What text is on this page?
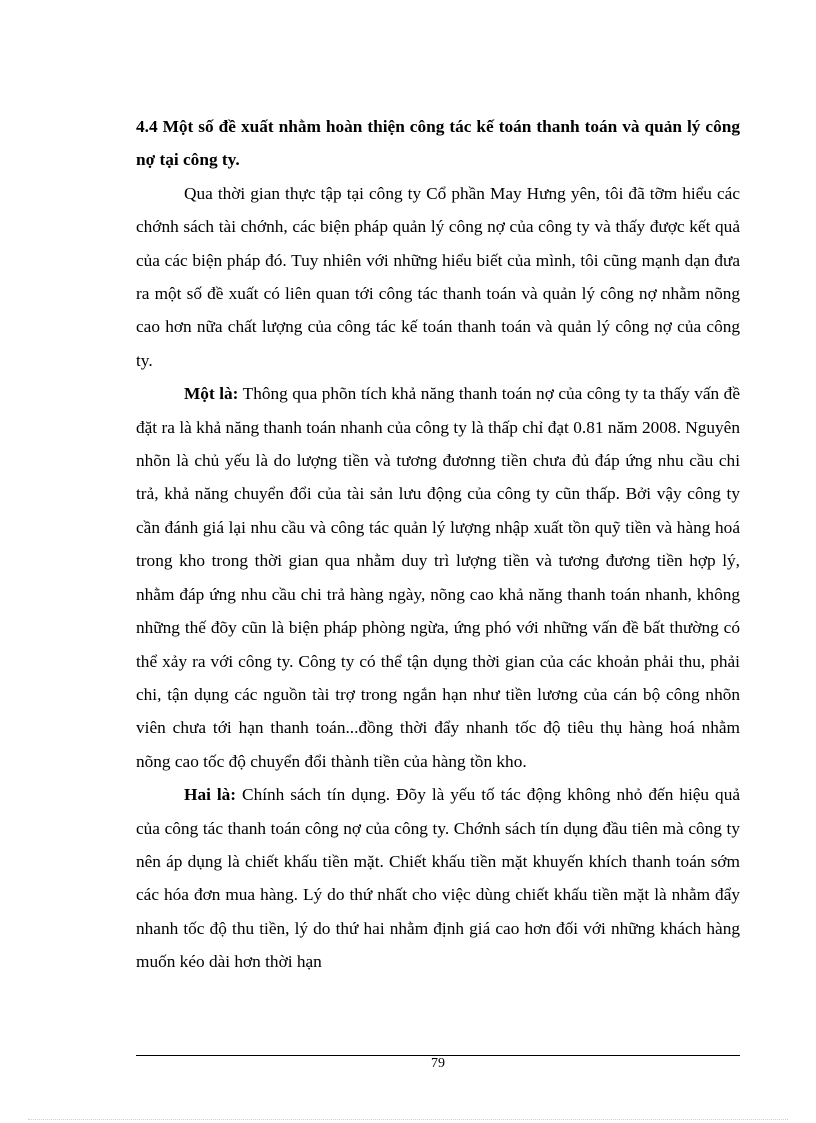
4.4 Một số đề xuất nhằm hoàn thiện công tác kế toán thanh toán và quản lý công nợ tại công ty.

Qua thời gian thực tập tại công ty Cổ phần May Hưng yên, tôi đã tỡm hiểu các chớnh sách tài chớnh, các biện pháp quản lý công nợ của công ty và thấy được kết quả của các biện pháp đó. Tuy nhiên với những hiểu biết của mình, tôi cũng mạnh dạn đưa ra một số đề xuất có liên quan tới công tác thanh toán và quản lý công nợ nhằm nõng cao hơn nữa chất lượng của công tác kế toán thanh toán và quản lý công nợ của công ty.

Một là: Thông qua phõn tích khả năng thanh toán nợ của công ty ta thấy vấn đề đặt ra là khả năng thanh toán nhanh của công ty là thấp chỉ đạt 0.81 năm 2008. Nguyên nhõn là chủ yếu là do lượng tiền và tương đươnng tiền chưa đủ đáp ứng nhu cầu chi trả, khả năng chuyển đổi của tài sản lưu động của công ty cũn thấp. Bởi vậy công ty cần đánh giá lại nhu cầu và công tác quản lý lượng nhập xuất tồn quỹ tiền và hàng hoá trong kho trong thời gian qua nhằm duy trì lượng tiền và tương đương tiền hợp lý, nhằm đáp ứng nhu cầu chi trả hàng ngày, nõng cao khả năng thanh toán nhanh, không những thế đõy cũn là biện pháp phòng ngừa, ứng phó với những vấn đề bất thường có thể xảy ra với công ty. Công ty có thể tận dụng thời gian của các khoản phải thu, phải chi, tận dụng các nguồn tài trợ trong ngắn hạn như tiền lương của cán bộ công nhõn viên chưa tới hạn thanh toán...đồng thời đẩy nhanh tốc độ tiêu thụ hàng hoá nhằm nõng cao tốc độ chuyển đổi thành tiền của hàng tồn kho.

Hai là: Chính sách tín dụng. Đõy là yếu tố tác động không nhỏ đến hiệu quả của công tác thanh toán công nợ của công ty. Chớnh sách tín dụng đầu tiên mà công ty nên áp dụng là chiết khấu tiền mặt. Chiết khấu tiền mặt khuyến khích thanh toán sớm các hóa đơn mua hàng. Lý do thứ nhất cho việc dùng chiết khấu tiền mặt là nhằm đẩy nhanh tốc độ thu tiền, lý do thứ hai nhằm định giá cao hơn đối với những khách hàng muốn kéo dài hơn thời hạn

79
